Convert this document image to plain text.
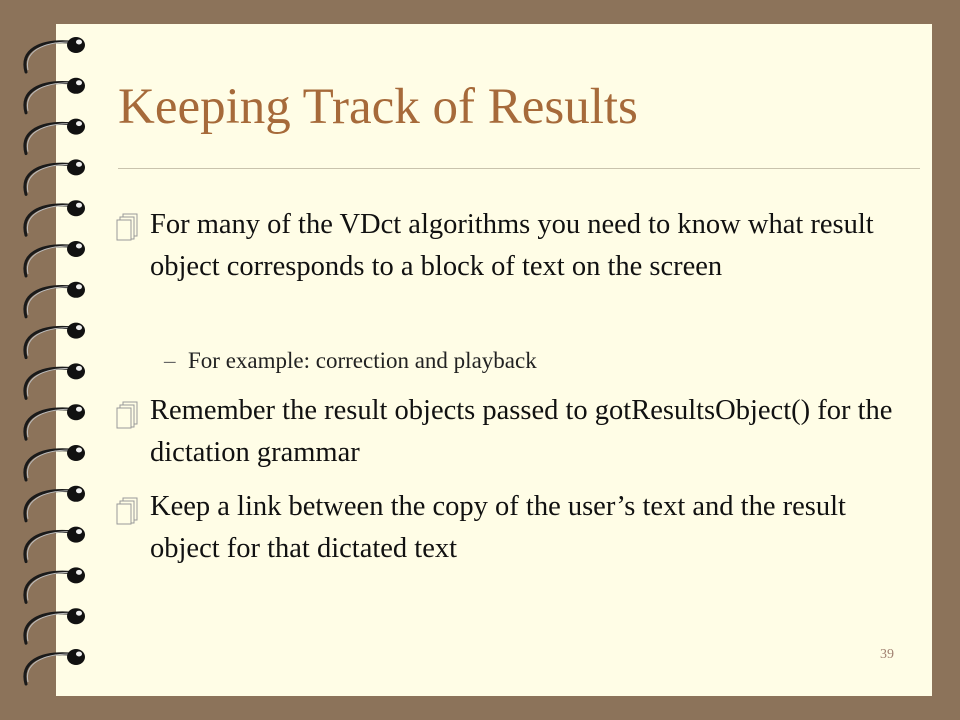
Keeping Track of Results

For many of the VDct algorithms you need to know what result object corresponds to a block of text on the screen

– For example: correction and playback

Remember the result objects passed to gotResultsObject() for the dictation grammar

Keep a link between the copy of the user’s text and the result object for that dictated text

39
